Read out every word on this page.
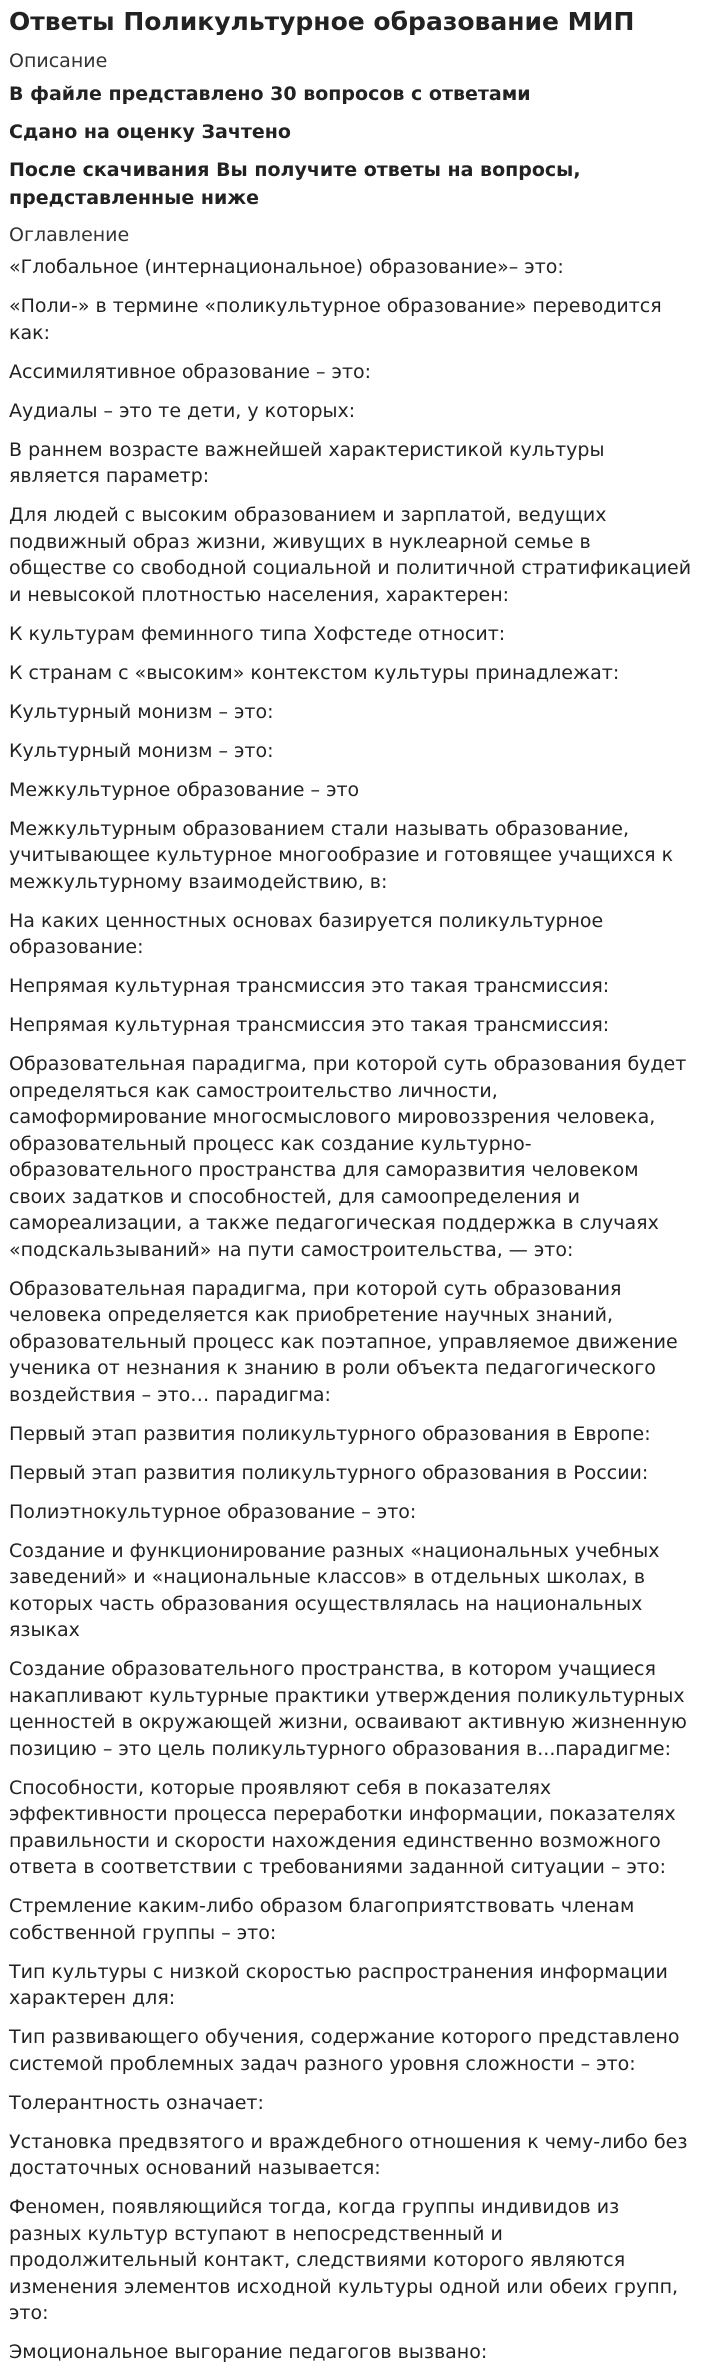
Ответы Поликультурное образование МИП
Описание
В файле представлено 30 вопросов с ответами
Сдано на оценку Зачтено
После скачивания Вы получите ответы на вопросы, представленные ниже
Оглавление
«Глобальное (интернациональное) образование»– это:
«Поли-» в термине «поликультурное образование» переводится как:
Ассимилятивное образование – это:
Аудиалы – это те дети, у которых:
В раннем возрасте важнейшей характеристикой культуры является параметр:
Для людей с высоким образованием и зарплатой, ведущих подвижный образ жизни, живущих в нуклеарной семье в обществе со свободной социальной и политичной стратификацией и невысокой плотностью населения, характерен:
К культурам феминного типа Хофстеде относит:
К странам с «высоким» контекстом культуры принадлежат:
Культурный монизм – это:
Культурный монизм – это:
Межкультурное образование – это
Межкультурным образованием стали называть образование, учитывающее культурное многообразие и готовящее учащихся к межкультурному взаимодействию, в:
На каких ценностных основах базируется поликультурное образование:
Непрямая культурная трансмиссия это такая трансмиссия:
Непрямая культурная трансмиссия это такая трансмиссия:
Образовательная парадигма, при которой суть образования будет определяться как самостроительство личности, самоформирование многосмыслового мировоззрения человека, образовательный процесс как создание культурно-образовательного пространства для саморазвития человеком своих задатков и способностей, для самоопределения и самореализации, а также педагогическая поддержка в случаях «подскальзываний» на пути самостроительства, — это:
Образовательная парадигма, при которой суть образования человека определяется как приобретение научных знаний, образовательный процесс как поэтапное, управляемое движение ученика от незнания к знанию в роли объекта педагогического воздействия – это… парадигма:
Первый этап развития поликультурного образования в Европе:
Первый этап развития поликультурного образования в России:
Полиэтнокультурное образование – это:
Создание и функционирование разных «национальных учебных заведений» и «национальные классов» в отдельных школах, в которых часть образования осуществлялась на национальных языках
Создание образовательного пространства, в котором учащиеся накапливают культурные практики утверждения поликультурных ценностей в окружающей жизни, осваивают активную жизненную позицию – это цель поликультурного образования в...парадигме:
Способности, которые проявляют себя в показателях эффективности процесса переработки информации, показателях правильности и скорости нахождения единственно возможного ответа в соответствии с требованиями заданной ситуации – это:
Стремление каким-либо образом благоприятствовать членам собственной группы – это:
Тип культуры с низкой скоростью распространения информации характерен для:
Тип развивающего обучения, содержание которого представлено системой проблемных задач разного уровня сложности – это:
Толерантность означает:
Установка предвзятого и враждебного отношения к чему-либо без достаточных оснований называется:
Феномен, появляющийся тогда, когда группы индивидов из разных культур вступают в непосредственный и продолжительный контакт, следствиями которого являются изменения элементов исходной культуры одной или обеих групп, это:
Эмоциональное выгорание педагогов вызвано:
